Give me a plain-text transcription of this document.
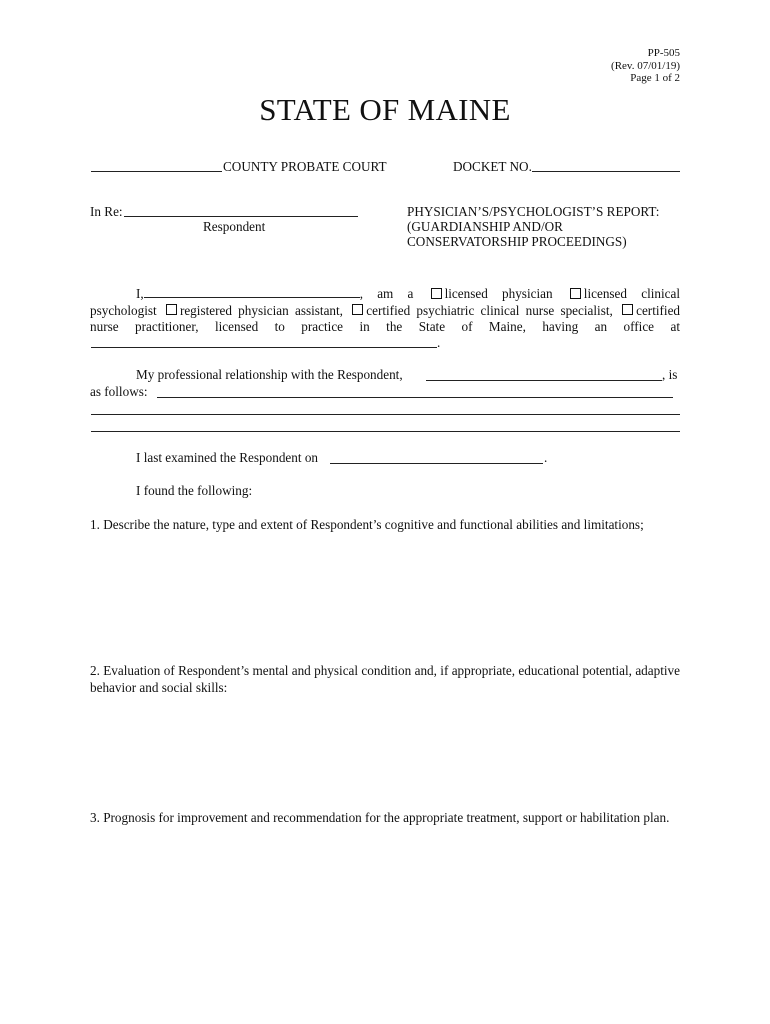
PP-505
(Rev. 07/01/19)
Page 1 of 2
STATE OF MAINE
COUNTY PROBATE COURT	DOCKET NO.
In Re:
Respondent
PHYSICIAN’S/PSYCHOLOGIST’S REPORT:
(GUARDIANSHIP AND/OR
CONSERVATORSHIP PROCEEDINGS)
I,	, am a licensed physician licensed clinical
psychologist registered physician assistant, certified psychiatric clinical nurse specialist, certified
nurse practitioner, licensed to practice in the State of Maine, having an office at
.
My professional relationship with the Respondent,	, is
as follows:
I last examined the Respondent on	.
I found the following:
1. Describe the nature, type and extent of Respondent’s cognitive and functional abilities and limitations;
2. Evaluation of Respondent’s mental and physical condition and, if appropriate, educational potential, adaptive behavior and social skills:
3. Prognosis for improvement and recommendation for the appropriate treatment, support or habilitation plan.
